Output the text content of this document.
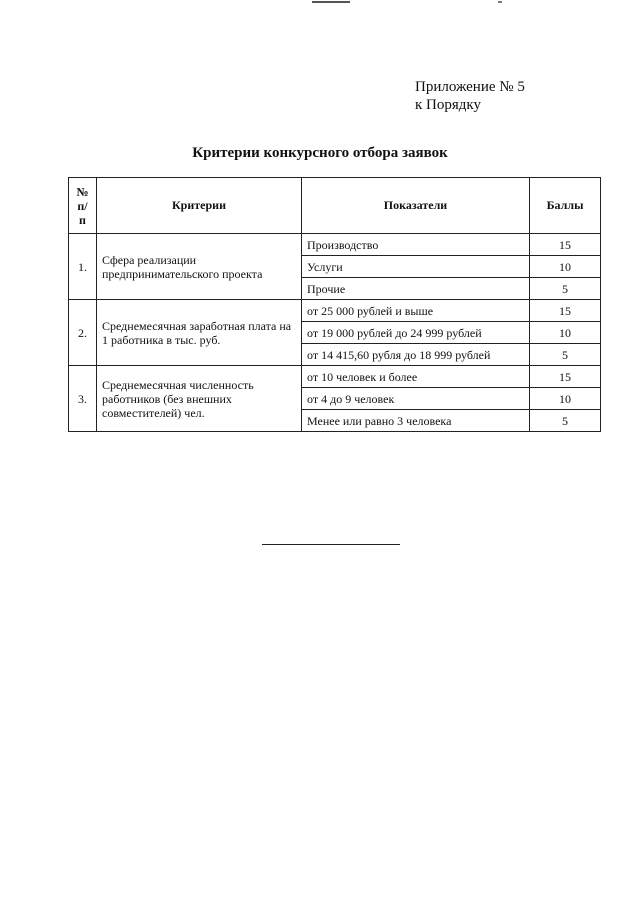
Приложение № 5
к Порядку
Критерии конкурсного отбора заявок
№ п/п	Критерии	Показатели	Баллы
1.	Сфера реализации предпринимательского проекта	Производство	15
		Услуги	10
		Прочие	5
2.	Среднемесячная заработная плата на 1 работника в тыс. руб.	от 25 000 рублей и выше	15
		от 19 000 рублей до 24 999 рублей	10
		от 14 415,60 рубля до 18 999 рублей	5
3.	Среднемесячная численность работников (без внешних совместителей) чел.	от 10 человек и более	15
		от 4 до 9 человек	10
		Менее или равно 3 человека	5
